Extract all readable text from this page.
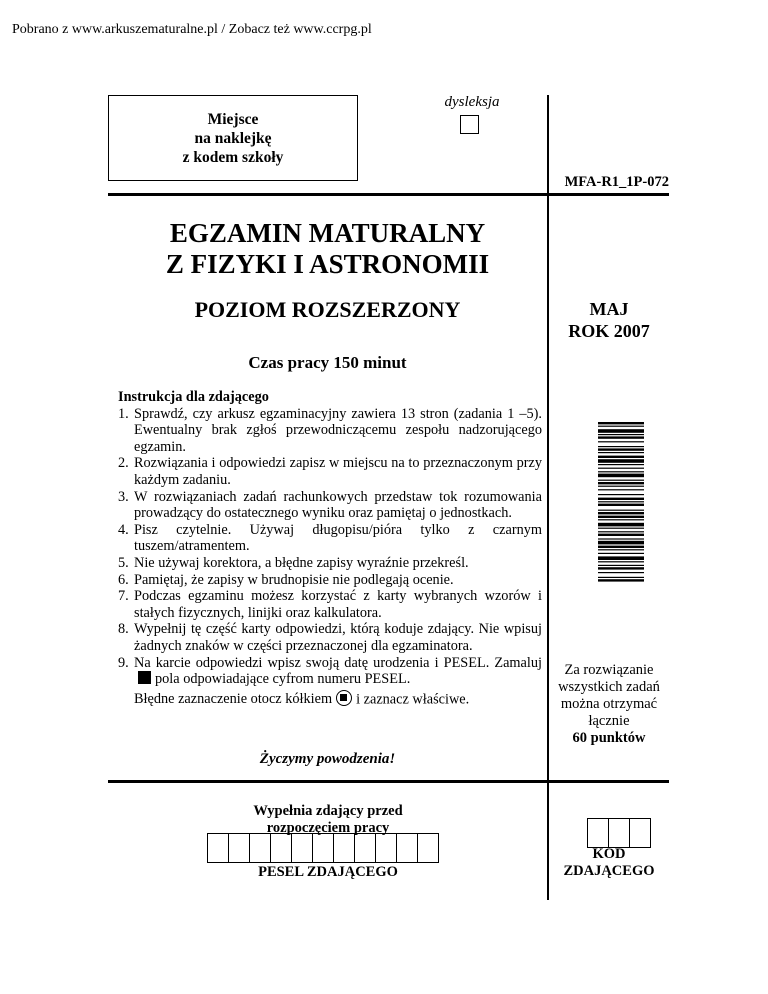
Pobrano z www.arkuszematuralne.pl / Zobacz też www.ccrpg.pl
Miejsce
na naklejkę
z kodem szkoły
dysleksja
MFA-R1_1P-072
EGZAMIN MATURALNY
Z FIZYKI I ASTRONOMII
POZIOM ROZSZERZONY	MAJ
ROK 2007
Czas pracy 150 minut
Instrukcja dla zdającego
1. Sprawdź, czy arkusz egzaminacyjny zawiera 13 stron (zadania 1 –5). Ewentualny brak zgłoś przewodniczącemu zespołu nadzorującego egzamin.
2. Rozwiązania i odpowiedzi zapisz w miejscu na to przeznaczonym przy każdym zadaniu.
3. W rozwiązaniach zadań rachunkowych przedstaw tok rozumowania prowadzący do ostatecznego wyniku oraz pamiętaj o jednostkach.
4. Pisz czytelnie. Używaj długopisu/pióra tylko z czarnym tuszem/atramentem.
5. Nie używaj korektora, a błędne zapisy wyraźnie przekreśl.
6. Pamiętaj, że zapisy w brudnopisie nie podlegają ocenie.
7. Podczas egzaminu możesz korzystać z karty wybranych wzorów i stałych fizycznych, linijki oraz kalkulatora.
8. Wypełnij tę część karty odpowiedzi, którą koduje zdający. Nie wpisuj żadnych znaków w części przeznaczonej dla egzaminatora.
9. Na karcie odpowiedzi wpisz swoją datę urodzenia i PESEL. Zamalujpola odpowiadające cyfrom numeru PESEL.
Błędne zaznaczenie otocz kółkiem i zaznacz właściwe.
Życzymy powodzenia!
Za rozwiązanie
wszystkich zadań
można otrzymać
łącznie
60 punktów
Wypełnia zdający przed
rozpoczęciem pracy
PESEL ZDAJĄCEGO
KOD
ZDAJĄCEGO
